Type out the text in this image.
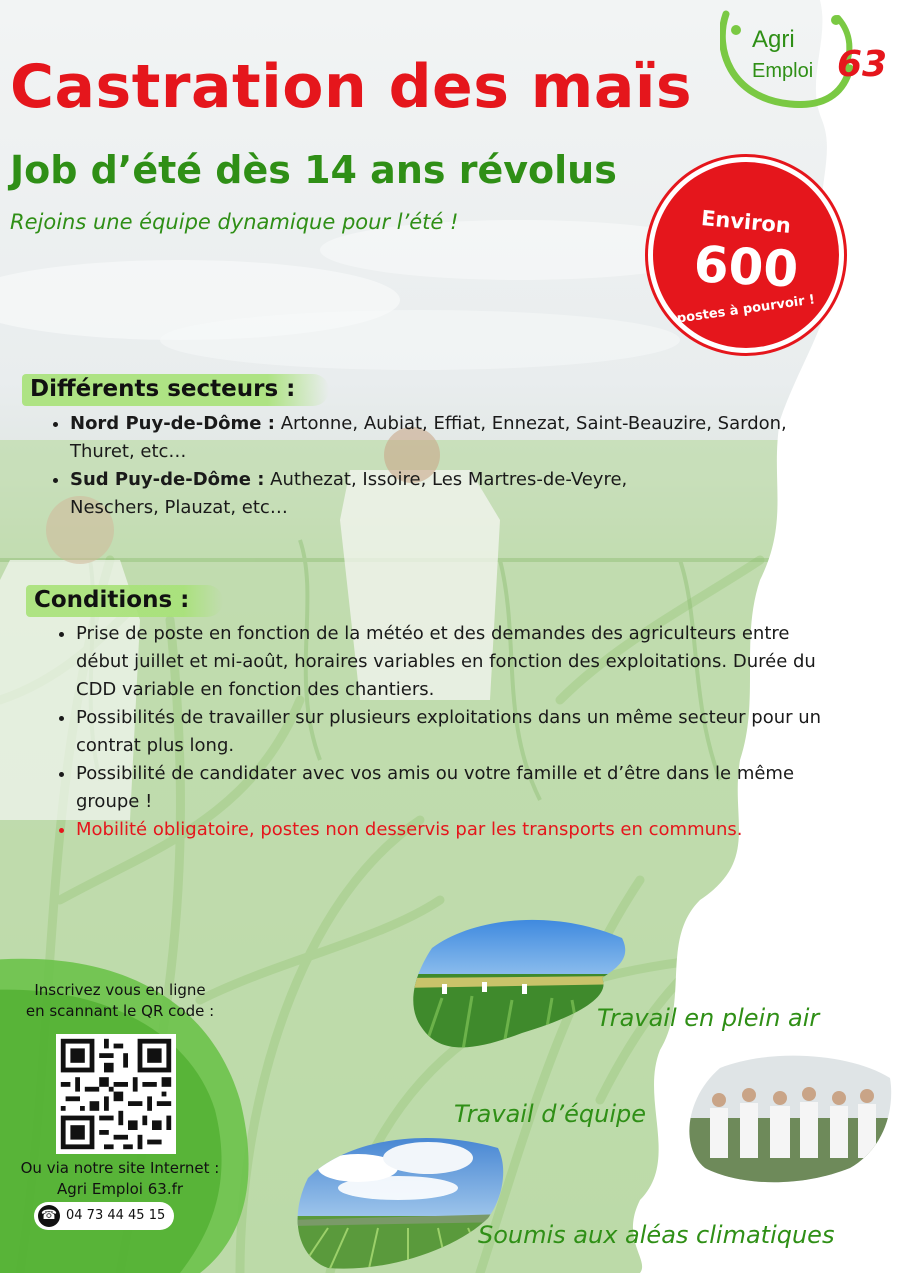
Castration des maïs
Job d’été dès 14 ans révolus
Rejoins une équipe dynamique pour l’été !
Agri
Emploi 63
Environ
600
postes à pourvoir !
Différents secteurs :
• Nord Puy-de-Dôme : Artonne, Aubiat, Effiat, Ennezat, Saint-Beauzire, Sardon, Thuret, etc…
• Sud Puy-de-Dôme : Authezat, Issoire, Les Martres-de-Veyre, Neschers, Plauzat, etc…
Conditions :
• Prise de poste en fonction de la météo et des demandes des agriculteurs entre début juillet et mi-août, horaires variables en fonction des exploitations. Durée du CDD variable en fonction des chantiers.
• Possibilités de travailler sur plusieurs exploitations dans un même secteur pour un contrat plus long.
• Possibilité de candidater avec vos amis ou votre famille et d’être dans le même groupe !
• Mobilité obligatoire, postes non desservis par les transports en communs.
Inscrivez vous en ligne
en scannant le QR code :
Ou via notre site Internet :
Agri Emploi 63.fr
☎ 04 73 44 45 15
Travail en plein air
Travail d’équipe
Soumis aux aléas climatiques
